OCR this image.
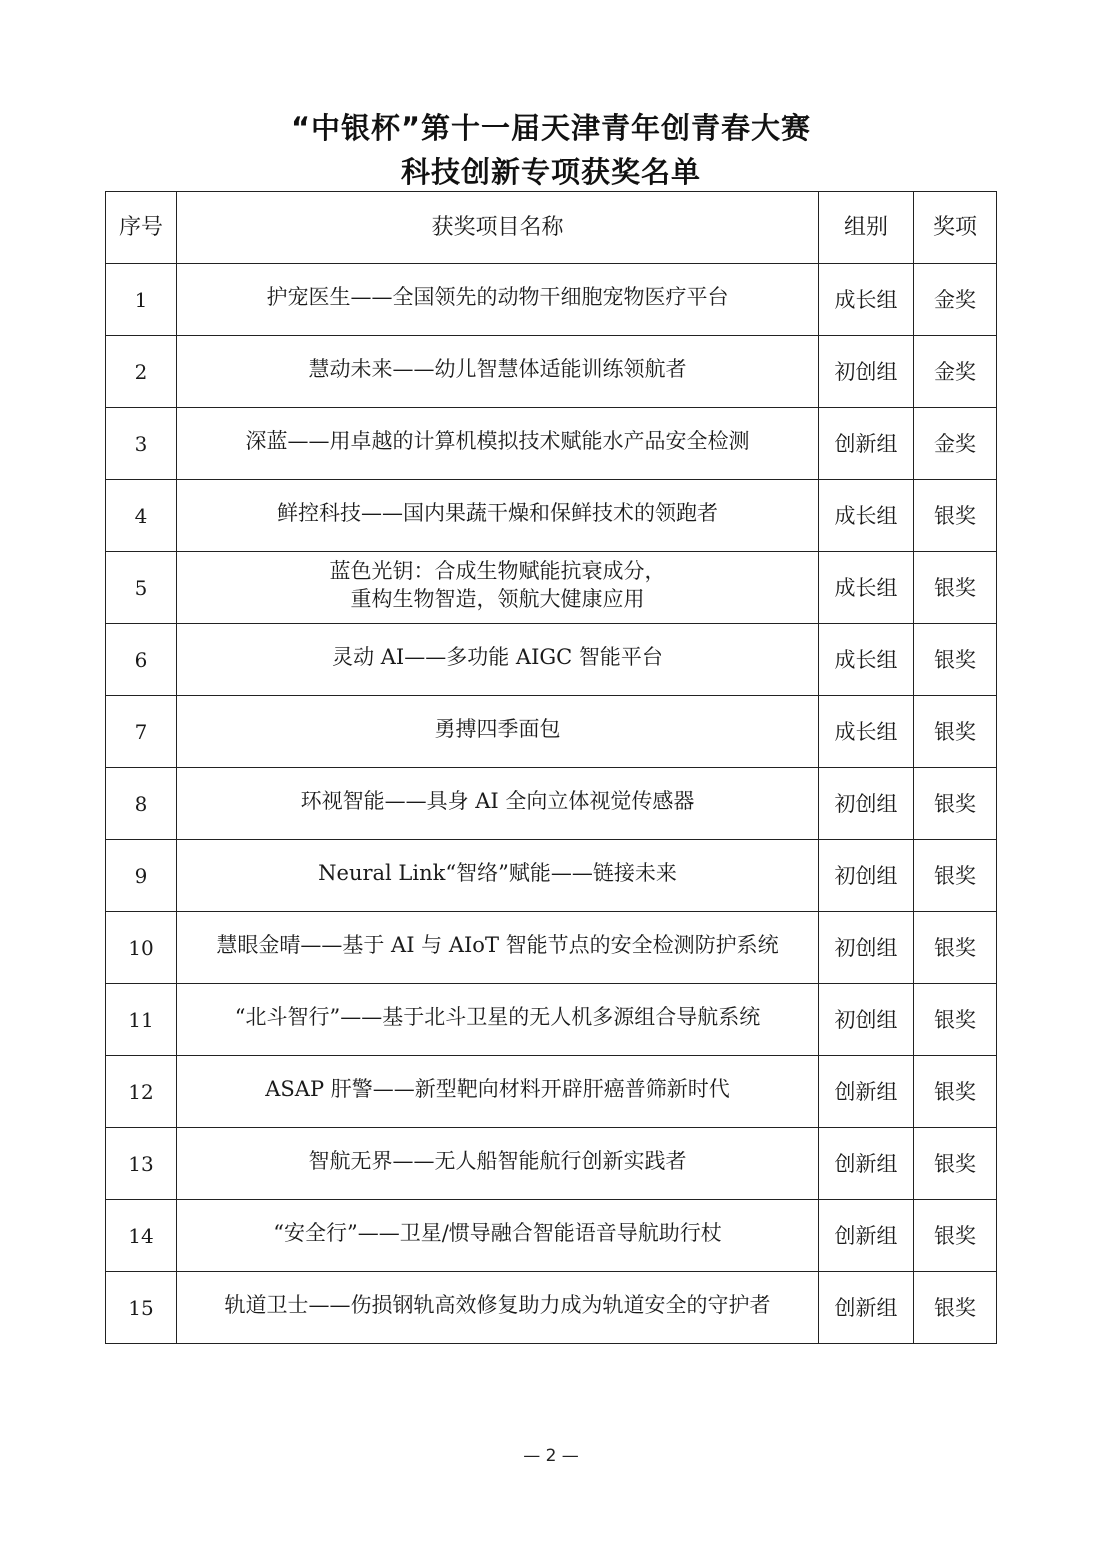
“中银杯”第十一届天津青年创青春大赛
科技创新专项获奖名单
序号	获奖项目名称	组别	奖项
1	护宠医生——全国领先的动物干细胞宠物医疗平台	成长组	金奖
2	慧动未来——幼儿智慧体适能训练领航者	初创组	金奖
3	深蓝——用卓越的计算机模拟技术赋能水产品安全检测	创新组	金奖
4	鲜控科技——国内果蔬干燥和保鲜技术的领跑者	成长组	银奖
5	蓝色光钥：合成生物赋能抗衰成分，
重构生物智造，领航大健康应用	成长组	银奖
6	灵动 AI——多功能 AIGC 智能平台	成长组	银奖
7	勇搏四季面包	成长组	银奖
8	环视智能——具身 AI 全向立体视觉传感器	初创组	银奖
9	Neural Link“智络”赋能——链接未来	初创组	银奖
10	慧眼金晴——基于 AI 与 AIoT 智能节点的安全检测防护系统	初创组	银奖
11	“北斗智行”——基于北斗卫星的无人机多源组合导航系统	初创组	银奖
12	ASAP 肝警——新型靶向材料开辟肝癌普筛新时代	创新组	银奖
13	智航无界——无人船智能航行创新实践者	创新组	银奖
14	“安全行”——卫星/惯导融合智能语音导航助行杖	创新组	银奖
15	轨道卫士——伤损钢轨高效修复助力成为轨道安全的守护者	创新组	银奖
— 2 —
